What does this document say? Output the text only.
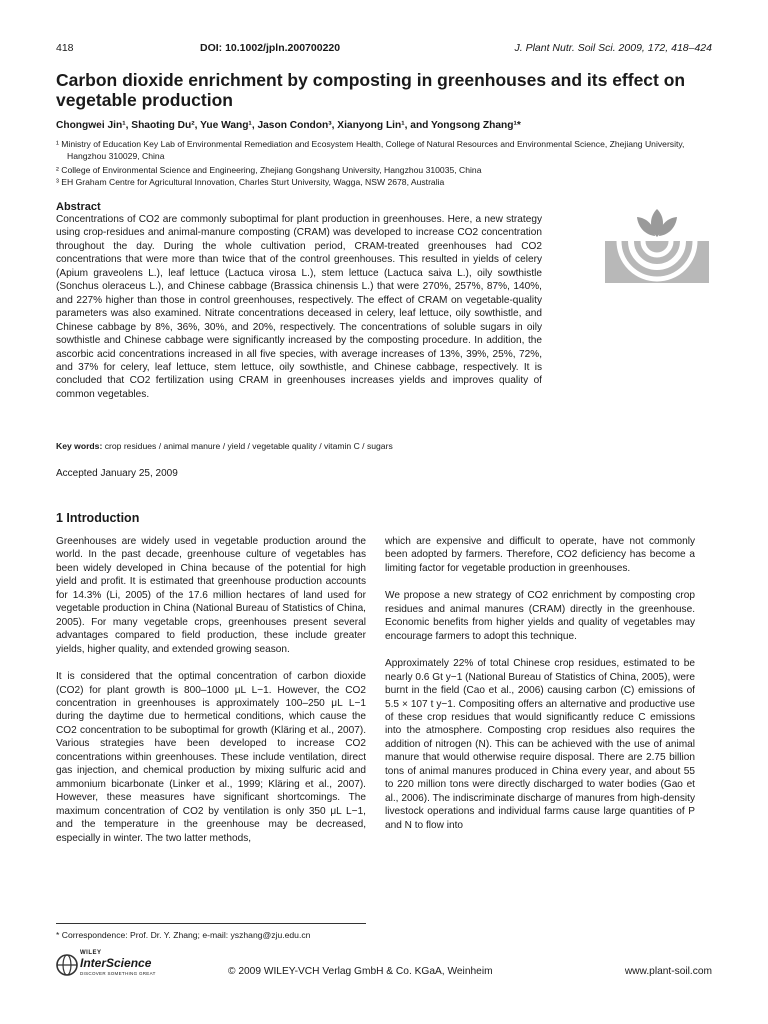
418	DOI: 10.1002/jpln.200700220	J. Plant Nutr. Soil Sci. 2009, 172, 418–424
Carbon dioxide enrichment by composting in greenhouses and its effect on vegetable production
Chongwei Jin¹, Shaoting Du², Yue Wang¹, Jason Condon³, Xianyong Lin¹, and Yongsong Zhang¹*
¹ Ministry of Education Key Lab of Environmental Remediation and Ecosystem Health, College of Natural Resources and Environmental Science, Zhejiang University, Hangzhou 310029, China
² College of Environmental Science and Engineering, Zhejiang Gongshang University, Hangzhou 310035, China
³ EH Graham Centre for Agricultural Innovation, Charles Sturt University, Wagga, NSW 2678, Australia
Abstract
Concentrations of CO2 are commonly suboptimal for plant production in greenhouses. Here, a new strategy using crop-residues and animal-manure composting (CRAM) was developed to increase CO2 concentration throughout the day. During the whole cultivation period, CRAM-treated greenhouses had CO2 concentrations that were more than twice that of the control greenhouses. This resulted in yields of celery (Apium graveolens L.), leaf lettuce (Lactuca virosa L.), stem lettuce (Lactuca saiva L.), oily sowthistle (Sonchus oleraceus L.), and Chinese cabbage (Brassica chinensis L.) that were 270%, 257%, 87%, 140%, and 227% higher than those in control greenhouses, respectively. The effect of CRAM on vegetable-quality parameters was also examined. Nitrate concentrations deceased in celery, leaf lettuce, oily sowthistle, and Chinese cabbage by 8%, 36%, 30%, and 20%, respectively. The concentrations of soluble sugars in oily sowthistle and Chinese cabbage were significantly increased by the composting procedure. In addition, the ascorbic acid concentrations increased in all five species, with average increases of 13%, 39%, 25%, 72%, and 37% for celery, leaf lettuce, stem lettuce, oily sowthistle, and Chinese cabbage, respectively. It is concluded that CO2 fertilization using CRAM in greenhouses increases yields and improves quality of common vegetables.
Key words: crop residues / animal manure / yield / vegetable quality / vitamin C / sugars
Accepted January 25, 2009
1 Introduction

Greenhouses are widely used in vegetable production around the world. In the past decade, greenhouse culture of vegetables has been widely developed in China because of the potential for high yield and profit. It is estimated that greenhouse production accounts for 14.3% (Li, 2005) of the 17.6 million hectares of land used for vegetable production in China (National Bureau of Statistics of China, 2005). For many vegetable crops, greenhouses present several advantages compared to field production, these include greater yields, higher quality, and extended growing season.

It is considered that the optimal concentration of carbon dioxide (CO2) for plant growth is 800–1000 μL L−1. However, the CO2 concentration in greenhouses is approximately 100–250 μL L−1 during the daytime due to hermetical conditions, which cause the CO2 concentration to be suboptimal for growth (Kläring et al., 2007). Various strategies have been developed to increase CO2 concentrations within greenhouses. These include ventilation, direct gas injection, and chemical production by mixing sulfuric acid and ammonium bicarbonate (Linker et al., 1999; Kläring et al., 2007). However, these measures have significant shortcomings. The maximum concentration of CO2 by ventilation is only 350 μL L−1, and the temperature in the greenhouse may be decreased, especially in winter. The two latter methods,

which are expensive and difficult to operate, have not commonly been adopted by farmers. Therefore, CO2 deficiency has become a limiting factor for vegetable production in greenhouses.

We propose a new strategy of CO2 enrichment by composting crop residues and animal manures (CRAM) directly in the greenhouse. Economic benefits from higher yields and quality of vegetables may encourage farmers to adopt this technique.

Approximately 22% of total Chinese crop residues, estimated to be nearly 0.6 Gt y−1 (National Bureau of Statistics of China, 2005), were burnt in the field (Cao et al., 2006) causing carbon (C) emissions of 5.5 × 107 t y−1. Compositing offers an alternative and productive use of these crop residues that would significantly reduce C emissions into the atmosphere. Composting crop residues also requires the addition of nitrogen (N). This can be achieved with the use of animal manure that would otherwise require disposal. There are 2.75 billion tons of animal manures produced in China every year, and about 55 to 220 million tons were directly discharged to water bodies (Gao et al., 2006). The indiscriminate discharge of manures from high-density livestock operations and individual farms cause large quantities of P and N to flow into

* Correspondence: Prof. Dr. Y. Zhang; e-mail: yszhang@zju.edu.cn
WILEY
InterScience
DISCOVER SOMETHING GREAT	© 2009 WILEY-VCH Verlag GmbH & Co. KGaA, Weinheim	www.plant-soil.com
